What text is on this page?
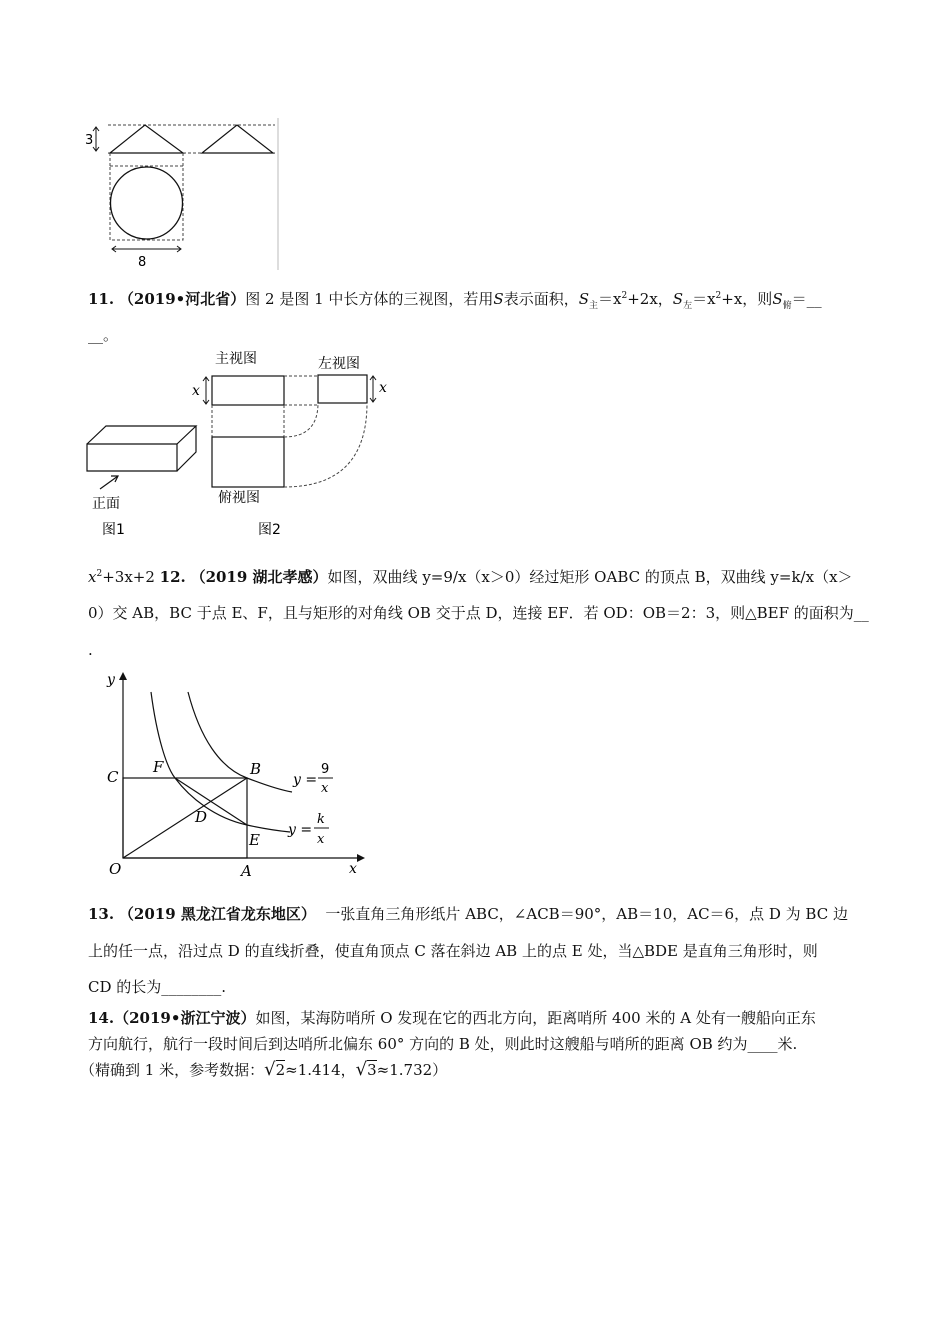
3
8
11. （2019•河北省）图 2 是图 1 中长方体的三视图，若用S表示面积，$S_主=x^2+2x$，$S_左=x^2+x$，则$S_俯=\_\_$
__。
正面
图1
主视图
x
左视图
x
俯视图
图2
$x^2+3x+2$ 12. （2019 湖北孝感）如图，双曲线 y=9/x（x＞0）经过矩形 OABC 的顶点 B，双曲线 y=k/x（x＞
0）交 AB，BC 于点 E、F，且与矩形的对角线 OB 交于点 D，连接 EF．若 OD：OB＝2：3，则△BEF 的面积为__
.
y
x
O
C
F	B
D
E
A
y =
9
x
y =
k
x
13. （2019 黑龙江省龙东地区） 一张直角三角形纸片 ABC，∠ACB＝90°，AB＝10，AC＝6，点 D 为 BC 边
上的任一点，沿过点 D 的直线折叠，使直角顶点 C 落在斜边 AB 上的点 E 处，当△BDE 是直角三角形时，则
CD 的长为________.
14.（2019•浙江宁波）如图，某海防哨所 O 发现在它的西北方向，距离哨所 400 米的 A 处有一艘船向正东
方向航行，航行一段时间后到达哨所北偏东 60° 方向的 B 处，则此时这艘船与哨所的距离 OB 约为____米.
（精确到 1 米，参考数据：√2≈1.414，√3≈1.732）
